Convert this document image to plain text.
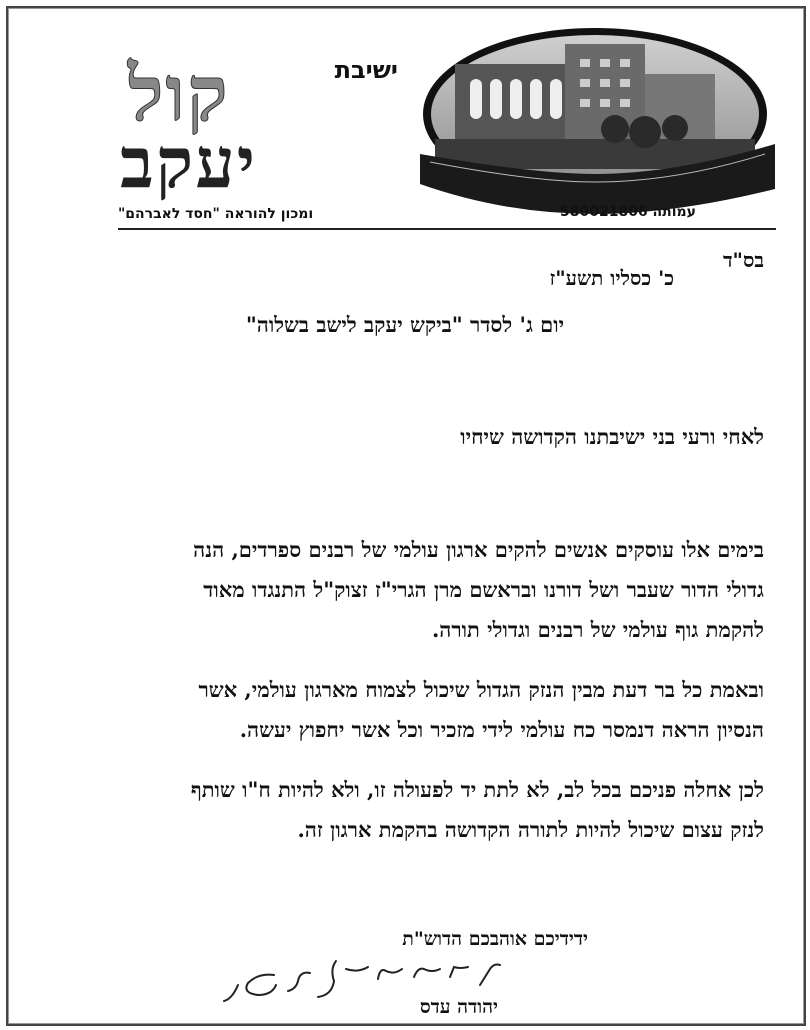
ישיבת
קול
יעקב
עמותה 580021806
ומכון להוראה "חסד לאברהם"
בס"ד
כ' כסליו תשע"ז
יום ג' לסדר "ביקש יעקב לישב בשלוה"
לאחי ורעי בני ישיבתנו הקדושה שיחיו
בימים אלו עוסקים אנשים להקים ארגון עולמי של רבנים ספרדים, הנה
גדולי הדור שעבר ושל דורנו ובראשם מרן הגרי"ז זצוק"ל התנגדו מאוד
להקמת גוף עולמי של רבנים וגדולי תורה.
ובאמת כל בר דעת מבין הנזק הגדול שיכול לצמוח מארגון עולמי, אשר
הנסיון הראה דנמסר כח עולמי לידי מזכיר וכל אשר יחפוץ יעשה.
לכן אחלה פניכם בכל לב, לא לתת יד לפעולה זו, ולא להיות ח"ו שותף
לנזק עצום שיכול להיות לתורה הקדושה בהקמת ארגון זה.
ידידיכם אוהבכם הדוש"ת
יהודה עדס
